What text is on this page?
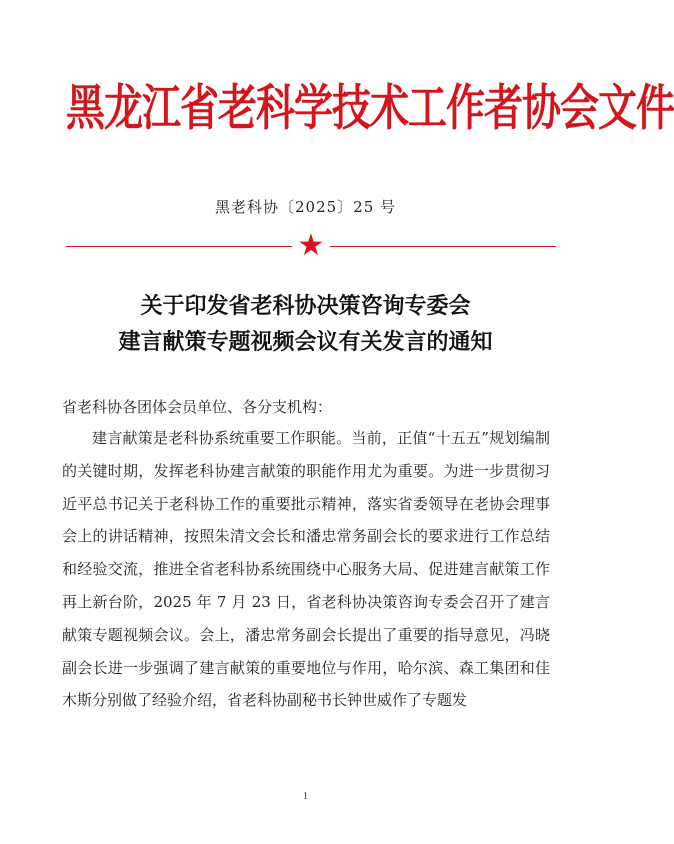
黑龙江省老科学技术工作者协会文件
黑老科协〔2025〕25 号
★
关于印发省老科协决策咨询专委会
建言献策专题视频会议有关发言的通知
省老科协各团体会员单位、各分支机构：

建言献策是老科协系统重要工作职能。当前，正值“十五五”规划编制的关键时期，发挥老科协建言献策的职能作用尤为重要。为进一步贯彻习近平总书记关于老科协工作的重要批示精神，落实省委领导在老协会理事会上的讲话精神，按照朱清文会长和潘忠常务副会长的要求进行工作总结和经验交流，推进全省老科协系统围绕中心服务大局、促进建言献策工作再上新台阶，2025 年 7 月 23 日，省老科协决策咨询专委会召开了建言献策专题视频会议。会上，潘忠常务副会长提出了重要的指导意见，冯晓副会长进一步强调了建言献策的重要地位与作用，哈尔滨、森工集团和佳木斯分别做了经验介绍，省老科协副秘书长钟世威作了专题发

1
